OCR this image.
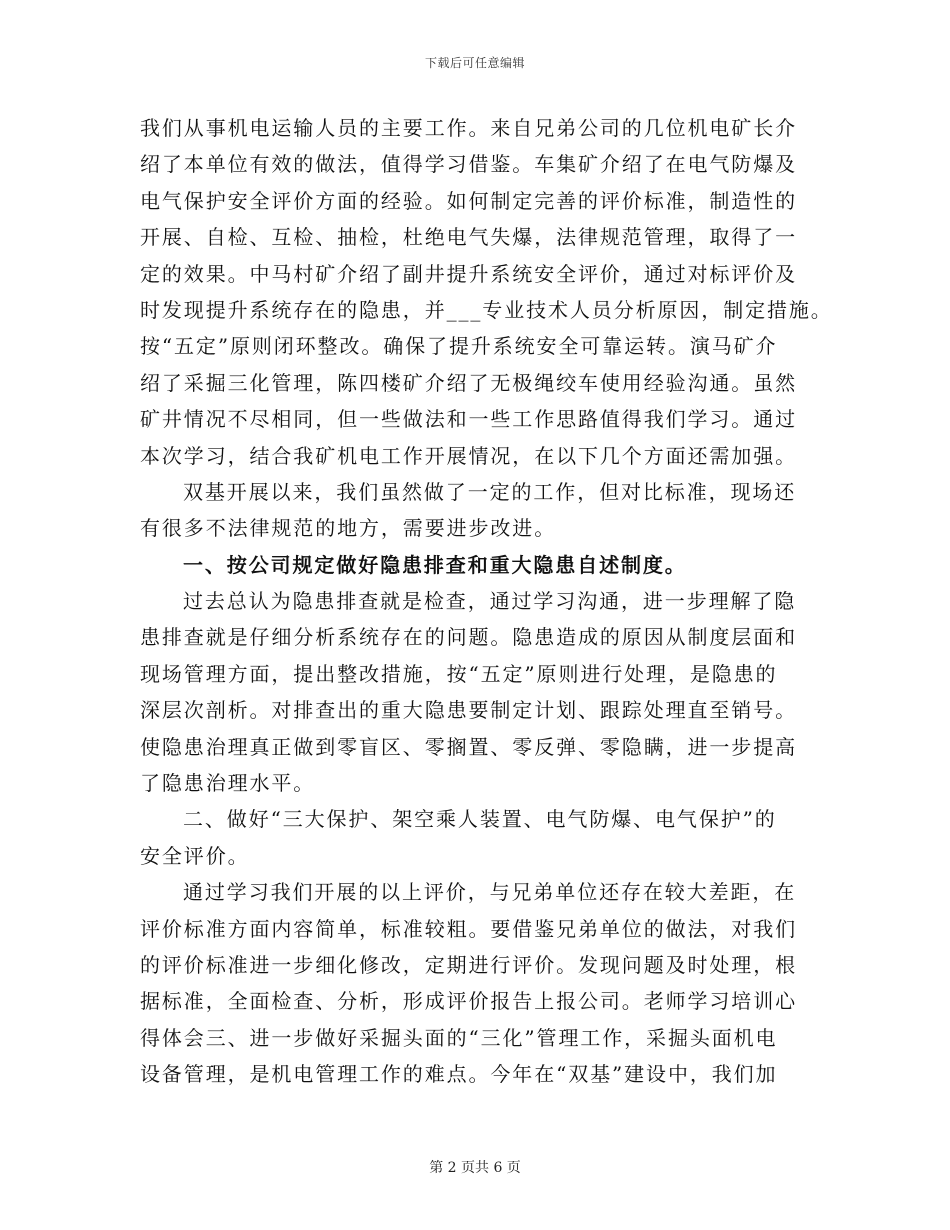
下载后可任意编辑
我们从事机电运输人员的主要工作。来自兄弟公司的几位机电矿长介
绍了本单位有效的做法，值得学习借鉴。车集矿介绍了在电气防爆及
电气保护安全评价方面的经验。如何制定完善的评价标准，制造性的
开展、自检、互检、抽检，杜绝电气失爆，法律规范管理，取得了一
定的效果。中马村矿介绍了副井提升系统安全评价，通过对标评价及
时发现提升系统存在的隐患，并___专业技术人员分析原因，制定措施。
按“五定”原则闭环整改。确保了提升系统安全可靠运转。演马矿介
绍了采掘三化管理，陈四楼矿介绍了无极绳绞车使用经验沟通。虽然
矿井情况不尽相同，但一些做法和一些工作思路值得我们学习。通过
本次学习，结合我矿机电工作开展情况，在以下几个方面还需加强。
双基开展以来，我们虽然做了一定的工作，但对比标准，现场还
有很多不法律规范的地方，需要进步改进。
一、按公司规定做好隐患排查和重大隐患自述制度。
过去总认为隐患排查就是检查，通过学习沟通，进一步理解了隐
患排查就是仔细分析系统存在的问题。隐患造成的原因从制度层面和
现场管理方面，提出整改措施，按“五定”原则进行处理，是隐患的
深层次剖析。对排查出的重大隐患要制定计划、跟踪处理直至销号。
使隐患治理真正做到零盲区、零搁置、零反弹、零隐瞒，进一步提高
了隐患治理水平。
二、做好“三大保护、架空乘人装置、电气防爆、电气保护”的
安全评价。
通过学习我们开展的以上评价，与兄弟单位还存在较大差距，在
评价标准方面内容简单，标准较粗。要借鉴兄弟单位的做法，对我们
的评价标准进一步细化修改，定期进行评价。发现问题及时处理，根
据标准，全面检查、分析，形成评价报告上报公司。老师学习培训心
得体会三、进一步做好采掘头面的“三化”管理工作，采掘头面机电
设备管理，是机电管理工作的难点。今年在“双基”建设中，我们加
第 2 页共 6 页
